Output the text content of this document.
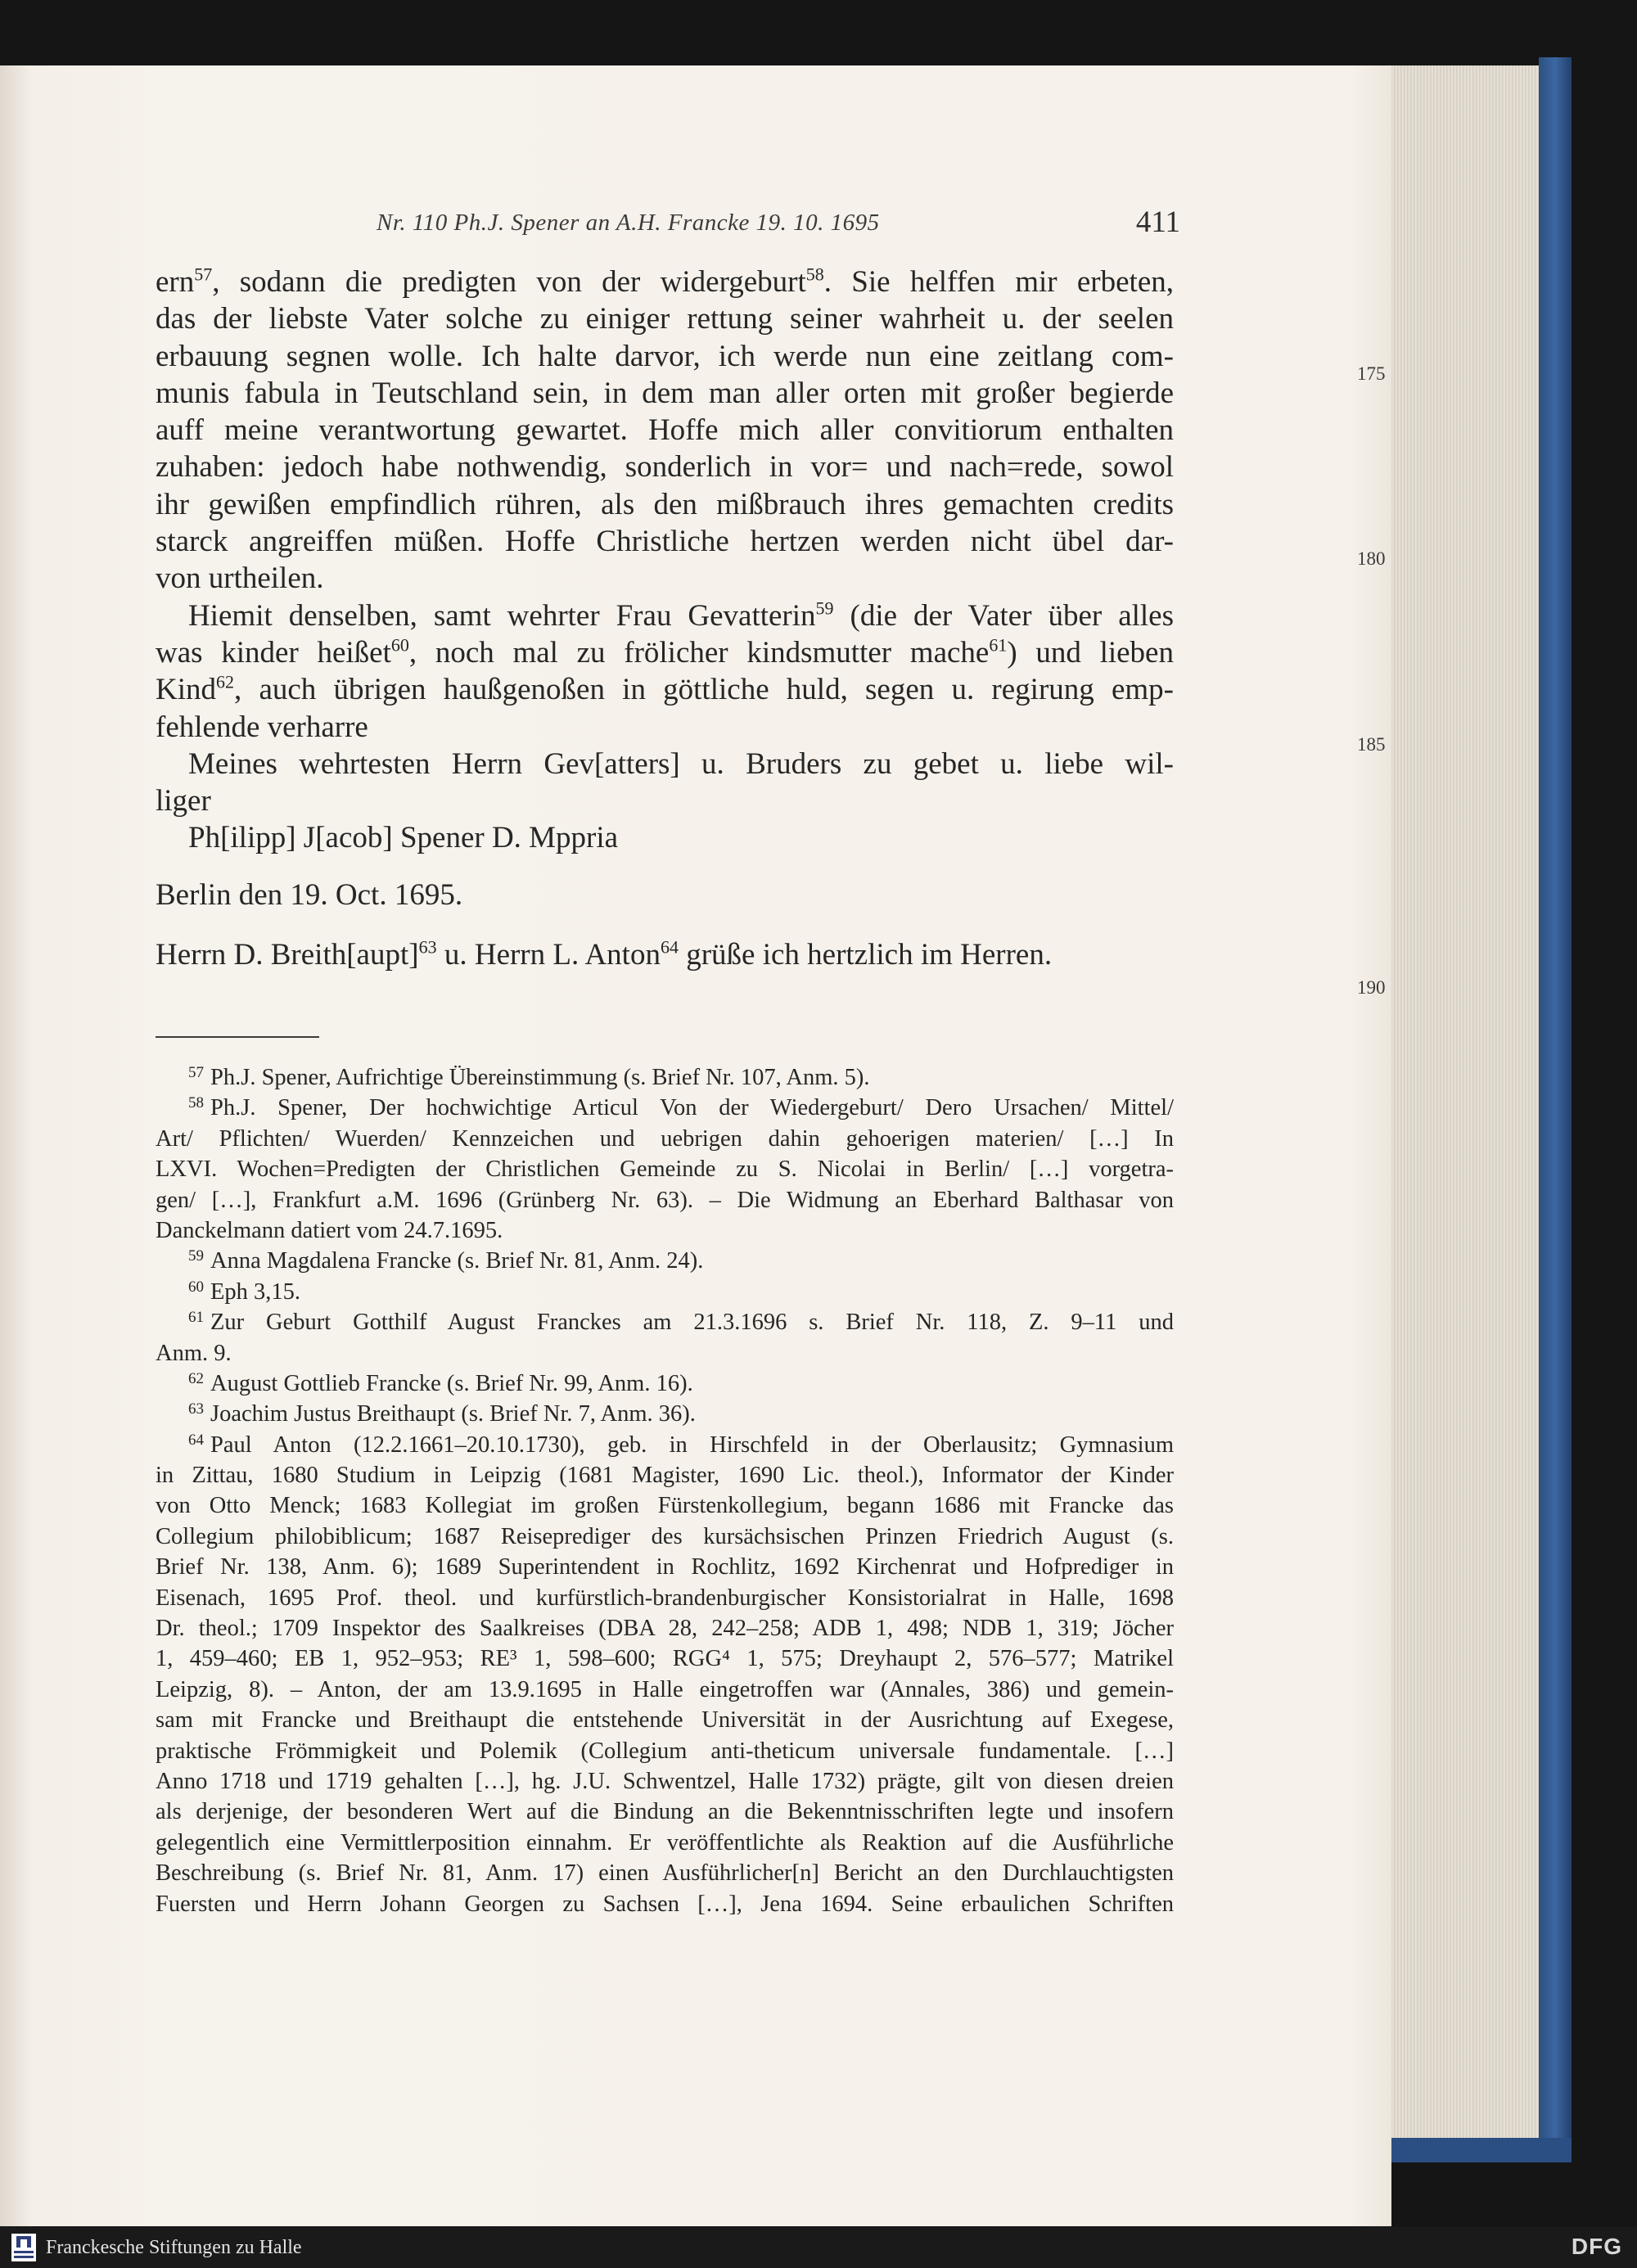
Nr. 110 Ph.J. Spener an A.H. Francke 19. 10. 1695	411
ern$^{57}$, sodann die predigten von der widergeburt$^{58}$. Sie helffen mir erbeten,
das der liebste Vater solche zu einiger rettung seiner wahrheit u. der seelen
erbauung segnen wolle. Ich halte darvor, ich werde nun eine zeitlang com-
munis fabula in Teutschland sein, in dem man aller orten mit großer begierde
auff meine verantwortung gewartet. Hoffe mich aller convitiorum enthalten
zuhaben: jedoch habe nothwendig, sonderlich in vor= und nach=rede, sowol
ihr gewißen empfindlich rühren, als den mißbrauch ihres gemachten credits
starck angreiffen müßen. Hoffe Christliche hertzen werden nicht übel dar-
von urtheilen.
Hiemit denselben, samt wehrter Frau Gevatterin$^{59}$ (die der Vater über alles
was kinder heißet$^{60}$, noch mal zu frölicher kindsmutter mache$^{61}$) und lieben
Kind$^{62}$, auch übrigen haußgenoßen in göttliche huld, segen u. regirung emp-
fehlende verharre
Meines wehrtesten Herrn Gev[atters] u. Bruders zu gebet u. liebe wil-
liger
Ph[ilipp] J[acob] Spener D. Mppria
Berlin den 19. Oct. 1695.
Herrn D. Breith[aupt]$^{63}$ u. Herrn L. Anton$^{64}$ grüße ich hertzlich im Herren.
175
180
185
190
$^{57}$ Ph.J. Spener, Aufrichtige Übereinstimmung (s. Brief Nr. 107, Anm. 5).
$^{58}$ Ph.J. Spener, Der hochwichtige Articul Von der Wiedergeburt/ Dero Ursachen/ Mittel/
Art/ Pflichten/ Wuerden/ Kennzeichen und uebrigen dahin gehoerigen materien/ […] In
LXVI. Wochen=Predigten der Christlichen Gemeinde zu S. Nicolai in Berlin/ […] vorgetra-
gen/ […], Frankfurt a.M. 1696 (Grünberg Nr. 63). – Die Widmung an Eberhard Balthasar von
Danckelmann datiert vom 24.7.1695.
$^{59}$ Anna Magdalena Francke (s. Brief Nr. 81, Anm. 24).
$^{60}$ Eph 3,15.
$^{61}$ Zur Geburt Gotthilf August Franckes am 21.3.1696 s. Brief Nr. 118, Z. 9–11 und
Anm. 9.
$^{62}$ August Gottlieb Francke (s. Brief Nr. 99, Anm. 16).
$^{63}$ Joachim Justus Breithaupt (s. Brief Nr. 7, Anm. 36).
$^{64}$ Paul Anton (12.2.1661–20.10.1730), geb. in Hirschfeld in der Oberlausitz; Gymnasium
in Zittau, 1680 Studium in Leipzig (1681 Magister, 1690 Lic. theol.), Informator der Kinder
von Otto Menck; 1683 Kollegiat im großen Fürstenkollegium, begann 1686 mit Francke das
Collegium philobiblicum; 1687 Reiseprediger des kursächsischen Prinzen Friedrich August (s.
Brief Nr. 138, Anm. 6); 1689 Superintendent in Rochlitz, 1692 Kirchenrat und Hofprediger in
Eisenach, 1695 Prof. theol. und kurfürstlich-brandenburgischer Konsistorialrat in Halle, 1698
Dr. theol.; 1709 Inspektor des Saalkreises (DBA 28, 242–258; ADB 1, 498; NDB 1, 319; Jöcher
1, 459–460; EB 1, 952–953; RE³ 1, 598–600; RGG⁴ 1, 575; Dreyhaupt 2, 576–577; Matrikel
Leipzig, 8). – Anton, der am 13.9.1695 in Halle eingetroffen war (Annales, 386) und gemein-
sam mit Francke und Breithaupt die entstehende Universität in der Ausrichtung auf Exegese,
praktische Frömmigkeit und Polemik (Collegium anti-theticum universale fundamentale. […]
Anno 1718 und 1719 gehalten […], hg. J.U. Schwentzel, Halle 1732) prägte, gilt von diesen dreien
als derjenige, der besonderen Wert auf die Bindung an die Bekenntnisschriften legte und insofern
gelegentlich eine Vermittlerposition einnahm. Er veröffentlichte als Reaktion auf die Ausführliche
Beschreibung (s. Brief Nr. 81, Anm. 17) einen Ausführlicher[n] Bericht an den Durchlauchtigsten
Fuersten und Herrn Johann Georgen zu Sachsen […], Jena 1694. Seine erbaulichen Schriften
Franckesche Stiftungen zu Halle	DFG
